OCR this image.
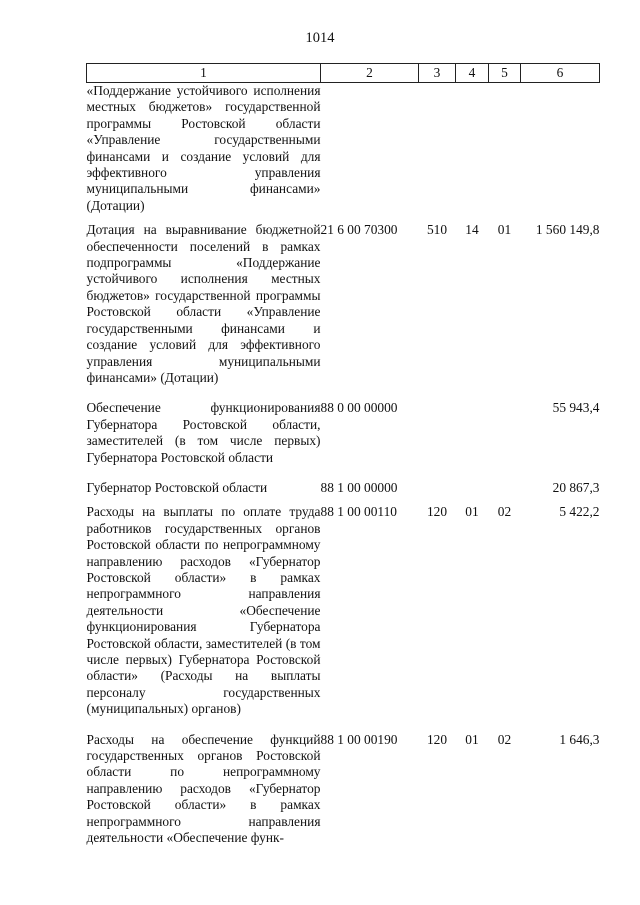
1014
1	2	3	4	5	6
«Поддержание устойчивого исполнения местных бюджетов» государственной программы Ростовской области «Управление государственными финансами и создание условий для эффективного управления муниципальными финансами» (Дотации)					

Дотация на выравнивание бюджетной обеспеченности поселений в рамках подпрограммы «Поддержание устойчивого исполнения местных бюджетов» государственной программы Ростовской области «Управление государственными финансами и создание условий для эффективного управления муниципальными финансами» (Дотации)	21 6 00 70300	510	14	01	1 560 149,8

Обеспечение функционирования Губернатора Ростовской области, заместителей (в том числе первых) Губернатора Ростовской области	88 0 00 00000				55 943,4

Губернатор Ростовской области	88 1 00 00000				20 867,3

Расходы на выплаты по оплате труда работников государственных органов Ростовской области по непрограммному направлению расходов «Губернатор Ростовской области» в рамках непрограммного направления деятельности «Обеспечение функционирования Губернатора Ростовской области, заместителей (в том числе первых) Губернатора Ростовской области» (Расходы на выплаты персоналу государственных (муниципальных) органов)	88 1 00 00110	120	01	02	5 422,2

Расходы на обеспечение функций государственных органов Ростовской области по непрограммному направлению расходов «Губернатор Ростовской области» в рамках непрограммного направления деятельности «Обеспечение функ-	88 1 00 00190	120	01	02	1 646,3
